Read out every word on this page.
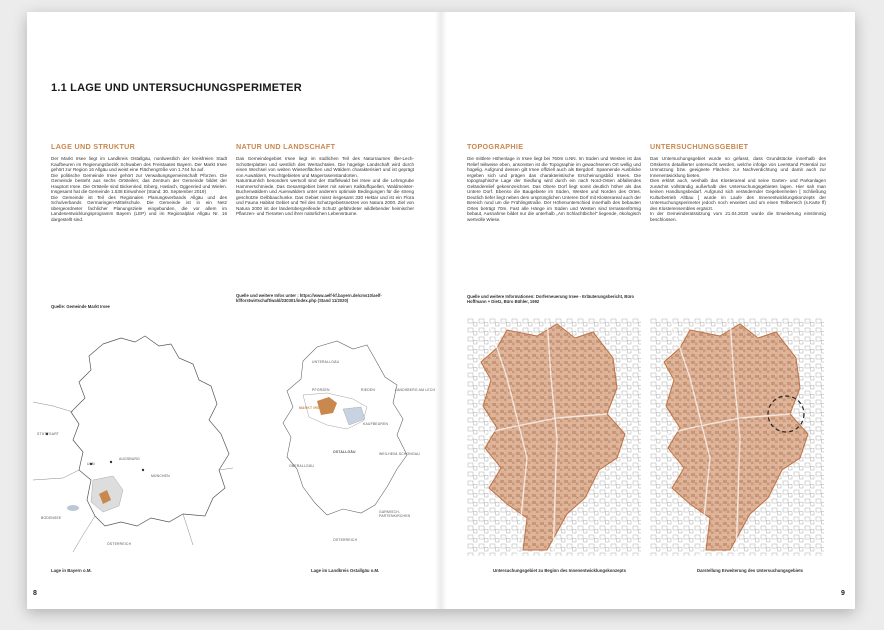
1.1 LAGE UND UNTERSUCHUNGSPERIMETER
LAGE UND STRUKTUR

Der Markt Irsee liegt im Landkreis Ostallgäu, nordwestlich der kreisfreien Stadt Kaufbeuren im Regierungsbezirk Schwaben des Freistaates Bayern. Der Markt Irsee gehört zur Region 16 Allgäu und weist eine Flächengröße von 1.744 ha auf.

Die politische Gemeinde Irsee gehört zur Verwaltungsgemeinschaft Pforzen. Die Gemeinde besteht aus sechs Ortsteilen; das Zentrum der Gemeinde bildet der Hauptort Irsee. Die Ortsteile sind Bickenried, Eiberg, Haslach, Oggenried und Wielen. Insgesamt hat die Gemeinde 1.538 Einwohner (Stand: 30. September 2019)

Die Gemeinde ist Teil des Regionalen Planungsverbands Allgäu und des Schulverbands Germaringen-Mittelschule. Die Gemeinde ist in ein Netz übergeordneter fachlicher Planungsziele eingebunden, die vor allem im Landesentwicklungsprogramm Bayern (LEP) und im Regionalplan Allgäu Nr. 16 dargestellt sind.

Quelle: Gemeinde Markt Irsee
NATUR UND LANDSCHAFT

Das Gemeindegebiet Irsee liegt im südlichen Teil des Naturraumes Iller-Lech-Schotterplatten und westlich des Wertachtales. Die hügelige Landschaft wird durch einen Wechsel von weiten Wiesenflächen und Wäldern charakterisiert und ist geprägt von Auwäldern, Feuchtgebieten und Magerrasenstandorten.

Naturräumlich besonders wertvoll sind der Staffelwald bei Irsee und die Lehmgrube Hammerschmiede. Das Gesamtgebiet bietet mit seinen Kalktuffquellen, Waldmeister-Buchenwäldern und Auenwäldern unter anderem optimale Bedingungen für die streng geschützte Gelbbauchunke. Das Gebiet misst insgesamt 330 Hektar und ist ein Flora und Fauna Habitat Gebiet und Teil des Schutzgebietsnetzes von Natura 2000. Ziel von Natura 2000 ist der länderübergreifende Schutz gefährdeter wildlebender heimischer Pflanzen- und Tierarten und ihrer natürlichen Lebensräume.

Quelle und weitere Infos unter : https://www.aelf-kf.bayern.de/cms10/aelf-kf/forstwirtschaft/wald/230301/index.php (Stand 11/2020)
STUTTGART
ULM
AUGSBURG
MÜNCHEN
BODENSEE
ÖSTERREICH
Lage in Bayern o.M.
UNTERALLGÄU
PFORZEN	RIEDEN
MARKT IRSEE
KAUFBEUREN
LANDSBERG AM LECH
OSTALLGÄU	WEILHEIM-SCHONGAU
OBERALLGÄU
GARMISCH-PARTENKIRCHEN
ÖSTERREICH
Lage im Landkreis Ostallgäu o.M.
8
TOPOGRAPHIE

Die mittlere Höhenlage in Irsee liegt bei 760m ü.NN. Im Süden und Westen ist das Relief teilweise eben, ansonsten ist die Topographie im gewachsenen Ort wellig und hügelig. Aufgrund dessen gilt Irsee offiziell auch als Bergdorf. Spannende Ausblicke ergeben sich und prägen das charakteristische Erscheinungsbild Irsees. Die topographische Lage der Siedlung wird durch ein nach Nord-Osten abfallendes Geländerelief gekennzeichnet. Das Obere Dorf liegt somit deutlich höher als das Untere Dorf. Ebenso die Baugebiete im Süden, Westen und Norden des Ortes. Deutlich tiefer liegt neben dem ursprünglichen Unteren Dorf mit Klosterareal auch der Bereich rund um die Frühlingstraße. Der Höhenunterschied innerhalb des bebauten Ortes beträgt 70m. Fast alle Hänge im Süden und Westen sind terrassenförmig bebaut, Ausnahme bildet nur die unterhalb „Am Schlachtbichel" liegende, ökologisch wertvolle Wiese.

Quelle und weitere Informationen: Dorferneuerung Irsee - Erläuterungsbericht, Büro Hoffmann + Dietz, Büro Bühler, 1992
UNTERSUCHUNGSGEBIET

Das Untersuchungsgebiet wurde so gefasst, dass Grundstücke innerhalb des Ortskerns detaillierter untersucht werden, welche infolge von Leerstand Potential zur Umnutzung bzw. geeignete Flächen zur Nachverdichtung und damit auch zur Innenentwicklung bieten.

Dies erklärt auch, weshalb das Klosterareal und seine Garten- und Parkanlagen zunächst vollständig außerhalb des Untersuchungsgebietes lagen. Hier sah man keinen Handlungsbedarf. Aufgrund sich verändernder Gegebenheiten [ Schließung Kulturbetrieb Altbau ] wurde im Laufe des Innenentwicklungskonzepts der Untersuchungsperimeter jedoch noch erweitert und um einen Teilbereich (s.Karte ff) des Klosterensembles ergänzt.

In der Gemeinderatssitzung vom 21.04.2020 wurde die Erweiterung einstimmig beschlossen.

Untersuchungsgebiet zu Beginn des Innenentwicklungskonzepts	Darstellung Erweiterung des Untersuchungsgebiets
9
